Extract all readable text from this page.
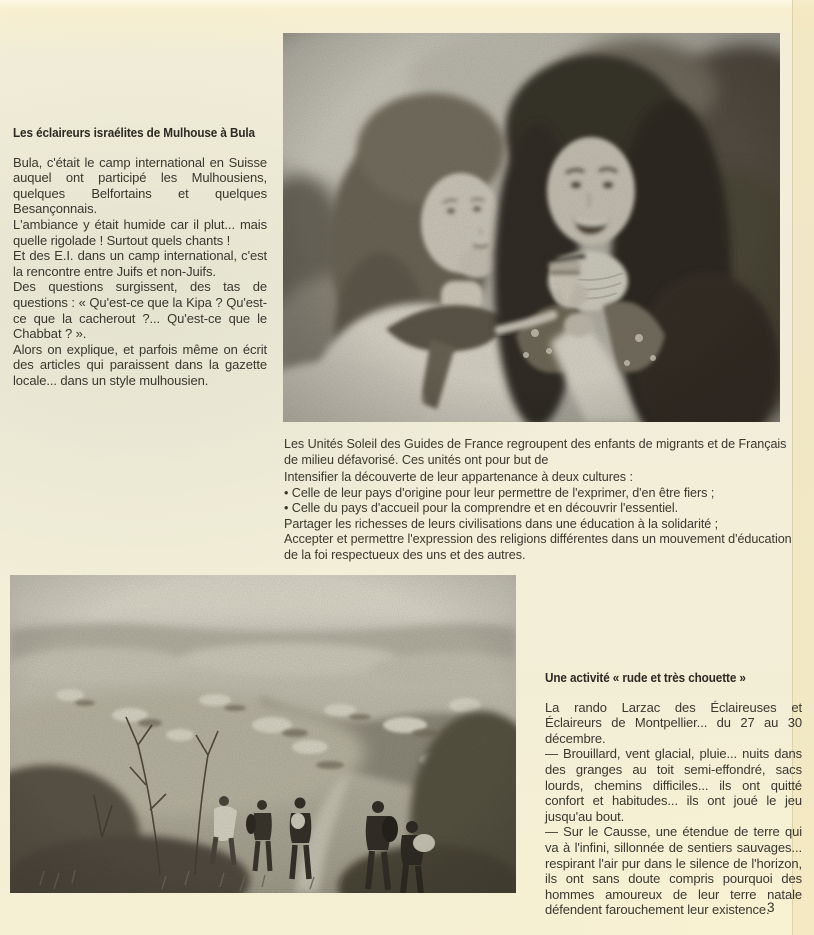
Les éclaireurs israélites de Mulhouse à Bula

Bula, c'était le camp international en Suisse auquel ont participé les Mulhousiens, quelques Belfortains et quelques Besançonnais.

L'ambiance y était humide car il plut... mais quelle rigolade ! Surtout quels chants !

Et des E.I. dans un camp international, c'est la rencontre entre Juifs et non-Juifs.

Des questions surgissent, des tas de questions : « Qu'est-ce que la Kipa ? Qu'est-ce que la cacherout ?... Qu'est-ce que le Chabbat ? ».

Alors on explique, et parfois même on écrit des articles qui paraissent dans la gazette locale... dans un style mulhousien.

Les Unités Soleil des Guides de France regroupent des enfants de migrants et de Français de milieu défavorisé. Ces unités ont pour but de

Intensifier la découverte de leur appartenance à deux cultures :

• Celle de leur pays d'origine pour leur permettre de l'exprimer, d'en être fiers ;

• Celle du pays d'accueil pour la comprendre et en découvrir l'essentiel.

Partager les richesses de leurs civilisations dans une éducation à la solidarité ;

Accepter et permettre l'expression des religions différentes dans un mouvement d'éducation de la foi respectueux des uns et des autres.

Une activité « rude et très chouette »

La rando Larzac des Éclaireuses et Éclaireurs de Montpellier... du 27 au 30 décembre.

— Brouillard, vent glacial, pluie... nuits dans des granges au toit semi-effondré, sacs lourds, chemins difficiles... ils ont quitté confort et habitudes... ils ont joué le jeu jusqu'au bout.

— Sur le Causse, une étendue de terre qui va à l'infini, sillonnée de sentiers sauvages... respirant l'air pur dans le silence de l'horizon, ils ont sans doute compris pourquoi des hommes amoureux de leur terre natale défendent farouchement leur existence.

3
